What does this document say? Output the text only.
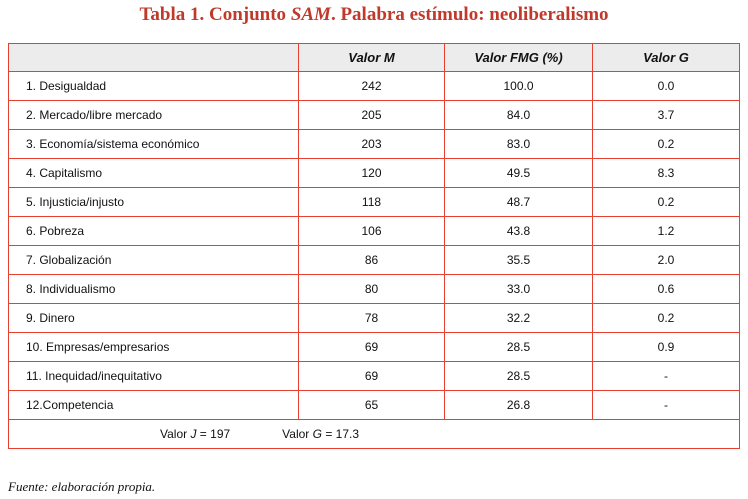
Tabla 1. Conjunto SAM. Palabra estímulo: neoliberalismo
	Valor M	Valor FMG (%)	Valor G
1. Desigualdad	242	100.0	0.0
2. Mercado/libre mercado	205	84.0	3.7
3. Economía/sistema económico	203	83.0	0.2
4. Capitalismo	120	49.5	8.3
5. Injusticia/injusto	118	48.7	0.2
6. Pobreza	106	43.8	1.2
7. Globalización	86	35.5	2.0
8. Individualismo	80	33.0	0.6
9. Dinero	78	32.2	0.2
10. Empresas/empresarios	69	28.5	0.9
11. Inequidad/inequitativo	69	28.5	-
12.Competencia	65	26.8	-
Valor J = 197 Valor G = 17.3			
Fuente: elaboración propia.
